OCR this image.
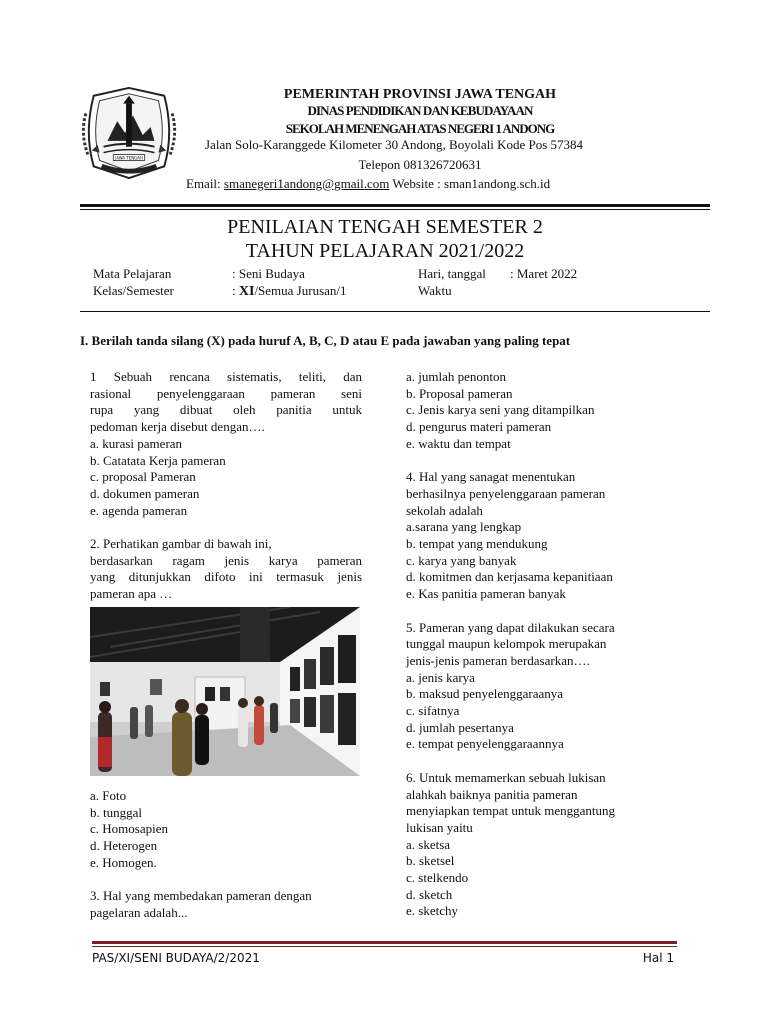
JAWA TENGAH
PEMERINTAH PROVINSI JAWA TENGAH
DINAS PENDIDIKAN DAN KEBUDAYAAN
SEKOLAH MENENGAH ATAS NEGERI 1 ANDONG
Jalan Solo-Karanggede Kilometer 30 Andong, Boyolali Kode Pos 57384
Telepon 081326720631
Email: smanegeri1andong@gmail.com Website : sman1andong.sch.id
PENILAIAN TENGAH SEMESTER 2
TAHUN PELAJARAN 2021/2022
Mata Pelajaran	: Seni Budaya	Hari, tanggal : Maret 2022
Kelas/Semester	: XI/Semua Jurusan/1	Waktu
I. Berilah tanda silang (X) pada huruf A, B, C, D atau E pada jawaban yang paling tepat

1 Sebuah rencana sistematis, teliti, dan

rasional penyelenggaraan pameran seni

rupa yang dibuat oleh panitia untuk

pedoman kerja disebut dengan….

a. kurasi pameran

b. Catatata Kerja pameran

c. proposal Pameran

d. dokumen pameran

e. agenda pameran

2. Perhatikan gambar di bawah ini,

berdasarkan ragam jenis karya pameran

yang ditunjukkan difoto ini termasuk jenis

pameran apa …

a. Foto

b. tunggal

c. Homosapien

d. Heterogen

e. Homogen.

3. Hal yang membedakan pameran dengan

pagelaran adalah...

a. jumlah penonton

b. Proposal pameran

c. Jenis karya seni yang ditampilkan

d. pengurus materi pameran

e. waktu dan tempat

4. Hal yang sanagat menentukan

berhasilnya penyelenggaraan pameran

sekolah adalah

a.sarana yang lengkap

b. tempat yang mendukung

c. karya yang banyak

d. komitmen dan kerjasama kepanitiaan

e. Kas panitia pameran banyak

5. Pameran yang dapat dilakukan secara

tunggal maupun kelompok merupakan

jenis-jenis pameran berdasarkan….

a. jenis karya

b. maksud penyelenggaraanya

c. sifatnya

d. jumlah pesertanya

e. tempat penyelenggaraannya

6. Untuk memamerkan sebuah lukisan

alahkah baiknya panitia pameran

menyiapkan tempat untuk menggantung

lukisan yaitu

a. sketsa

b. sketsel

c. stelkendo

d. sketch

e. sketchy

PAS/XI/SENI BUDAYA/2/2021	Hal 1
